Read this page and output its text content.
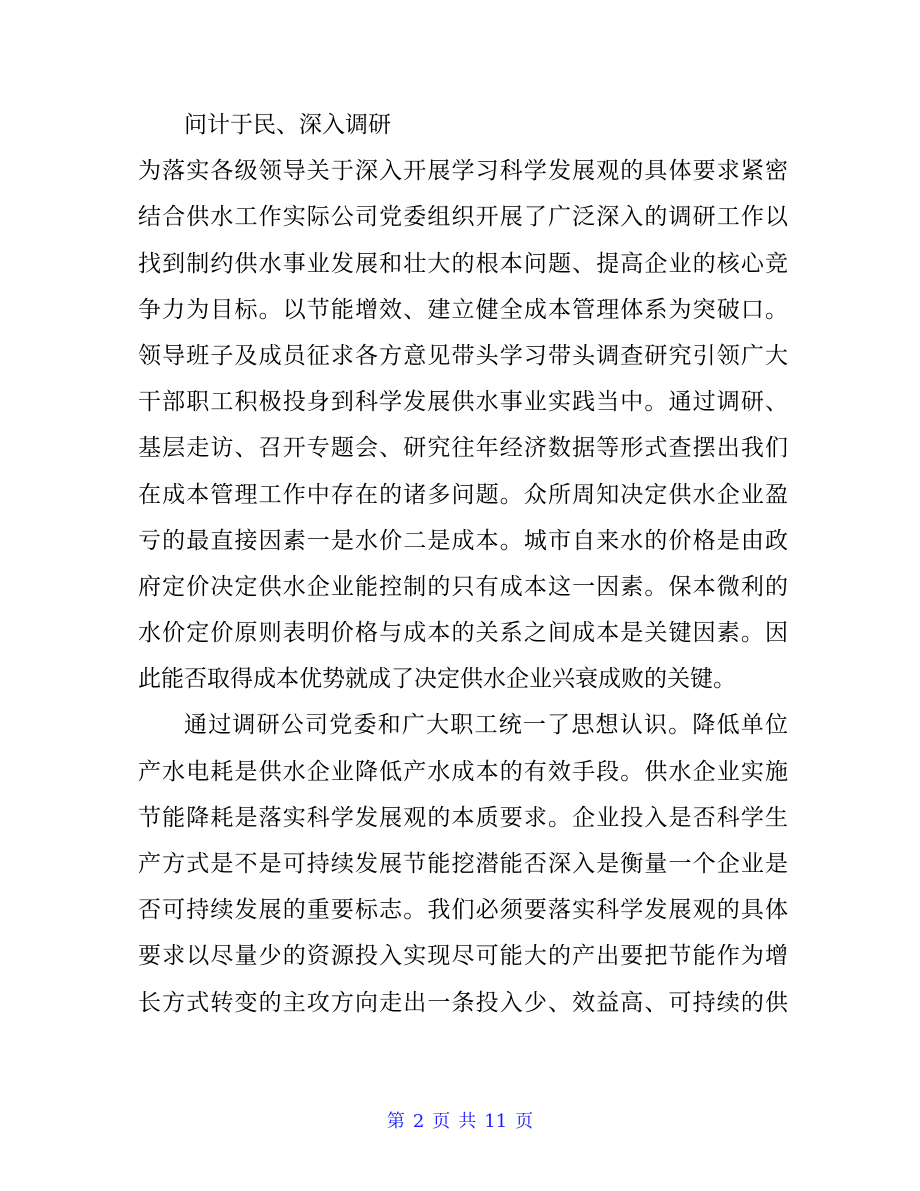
问计于民、深入调研
为落实各级领导关于深入开展学习科学发展观的具体要求紧密
结合供水工作实际公司党委组织开展了广泛深入的调研工作以
找到制约供水事业发展和壮大的根本问题、提高企业的核心竞
争力为目标。以节能增效、建立健全成本管理体系为突破口。
领导班子及成员征求各方意见带头学习带头调查研究引领广大
干部职工积极投身到科学发展供水事业实践当中。通过调研、
基层走访、召开专题会、研究往年经济数据等形式查摆出我们
在成本管理工作中存在的诸多问题。众所周知决定供水企业盈
亏的最直接因素一是水价二是成本。城市自来水的价格是由政
府定价决定供水企业能控制的只有成本这一因素。保本微利的
水价定价原则表明价格与成本的关系之间成本是关键因素。因
此能否取得成本优势就成了决定供水企业兴衰成败的关键。
通过调研公司党委和广大职工统一了思想认识。降低单位
产水电耗是供水企业降低产水成本的有效手段。供水企业实施
节能降耗是落实科学发展观的本质要求。企业投入是否科学生
产方式是不是可持续发展节能挖潜能否深入是衡量一个企业是
否可持续发展的重要标志。我们必须要落实科学发展观的具体
要求以尽量少的资源投入实现尽可能大的产出要把节能作为增
长方式转变的主攻方向走出一条投入少、效益高、可持续的供
第 2 页 共 11 页
